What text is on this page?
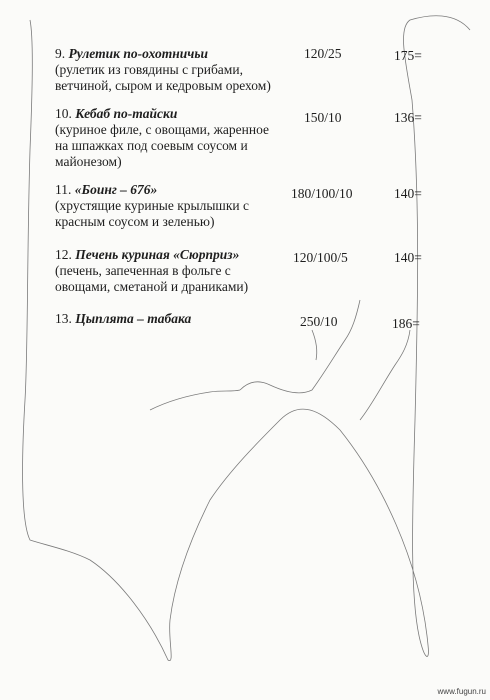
9. Рулетик по-охотничьи
(рулетик из говядины с грибами, ветчиной, сыром и кедровым орехом)
120/25	175=
10. Кебаб по-тайски
(куриное филе, с овощами, жаренное на шпажках под соевым соусом и майонезом)
150/10	136=
11. «Боинг – 676»
(хрустящие куриные крылышки с красным соусом и зеленью)
180/100/10	140=
12. Печень куриная «Сюрприз»
(печень, запеченная в фольге с овощами, сметаной и драниками)
120/100/5	140=
13. Цыплята – табака	250/10	186=
www.fugun.ru
